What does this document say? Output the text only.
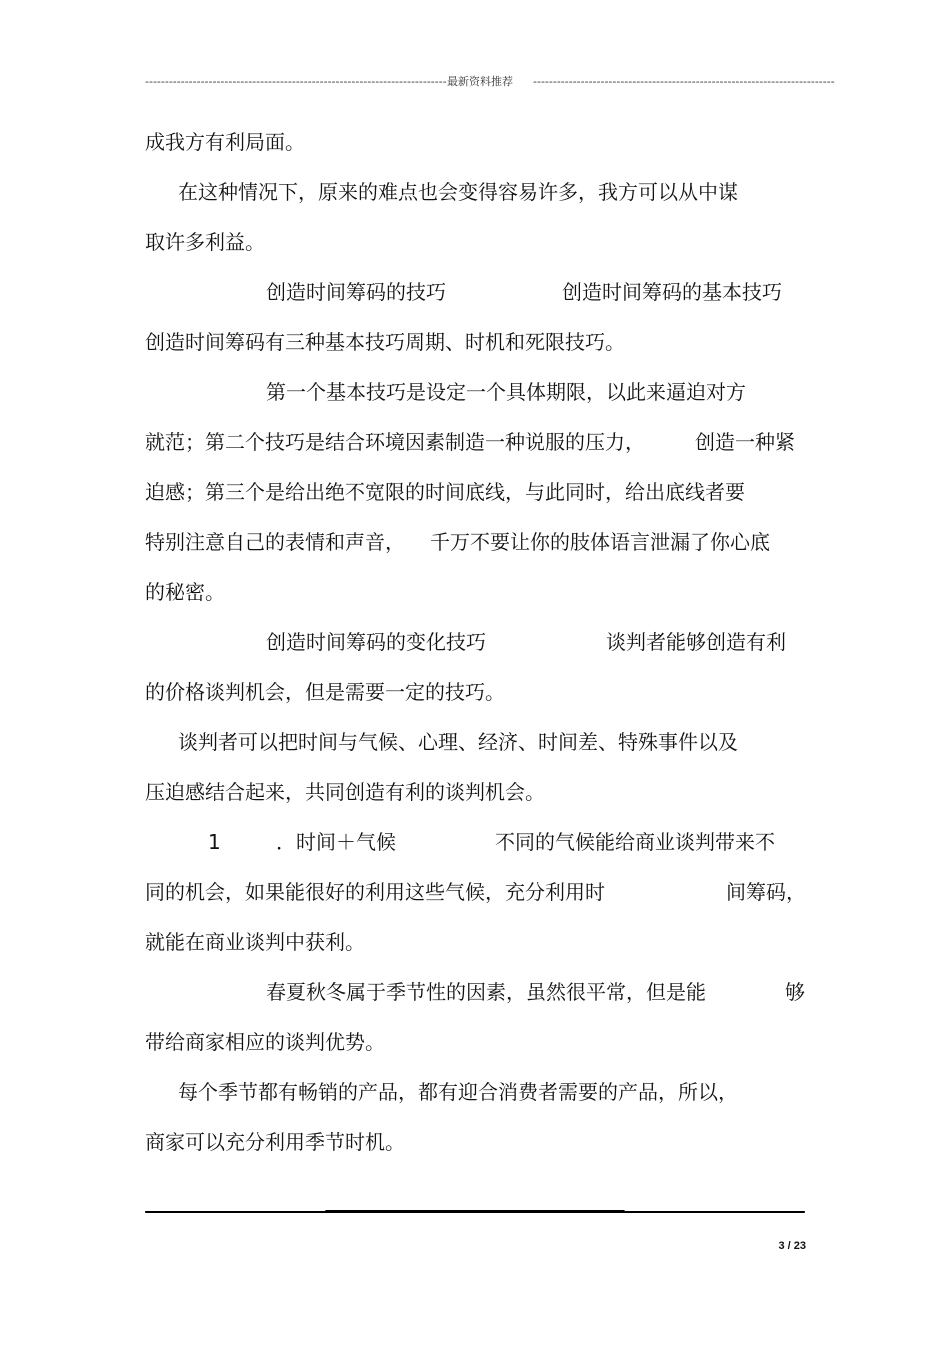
---------------------------------------------------------------------------- 最新资料推荐 ----------------------------------------------------------------------------
成我方有利局面。
在这种情况下，原来的难点也会变得容易许多，我方可以从中谋
取许多利益。
创造时间筹码的技巧	创造时间筹码的基本技巧
创造时间筹码有三种基本技巧周期、时机和死限技巧。
第一个基本技巧是设定一个具体期限，以此来逼迫对方
就范；第二个技巧是结合环境因素制造一种说服的压力，	创造一种紧
迫感；第三个是给出绝不宽限的时间底线，与此同时，给出底线者要
特别注意自己的表情和声音， 千万不要让你的肢体语言泄漏了你心底
的秘密。
创造时间筹码的变化技巧	谈判者能够创造有利
的价格谈判机会，但是需要一定的技巧。
谈判者可以把时间与气候、心理、经济、时间差、特殊事件以及
压迫感结合起来，共同创造有利的谈判机会。
1	．时间＋气候	不同的气候能给商业谈判带来不
同的机会，如果能很好的利用这些气候，充分利用时	间筹码，
就能在商业谈判中获利。
春夏秋冬属于季节性的因素，虽然很平常，但是能	够
带给商家相应的谈判优势。
每个季节都有畅销的产品，都有迎合消费者需要的产品，所以，
商家可以充分利用季节时机。
3 / 23
